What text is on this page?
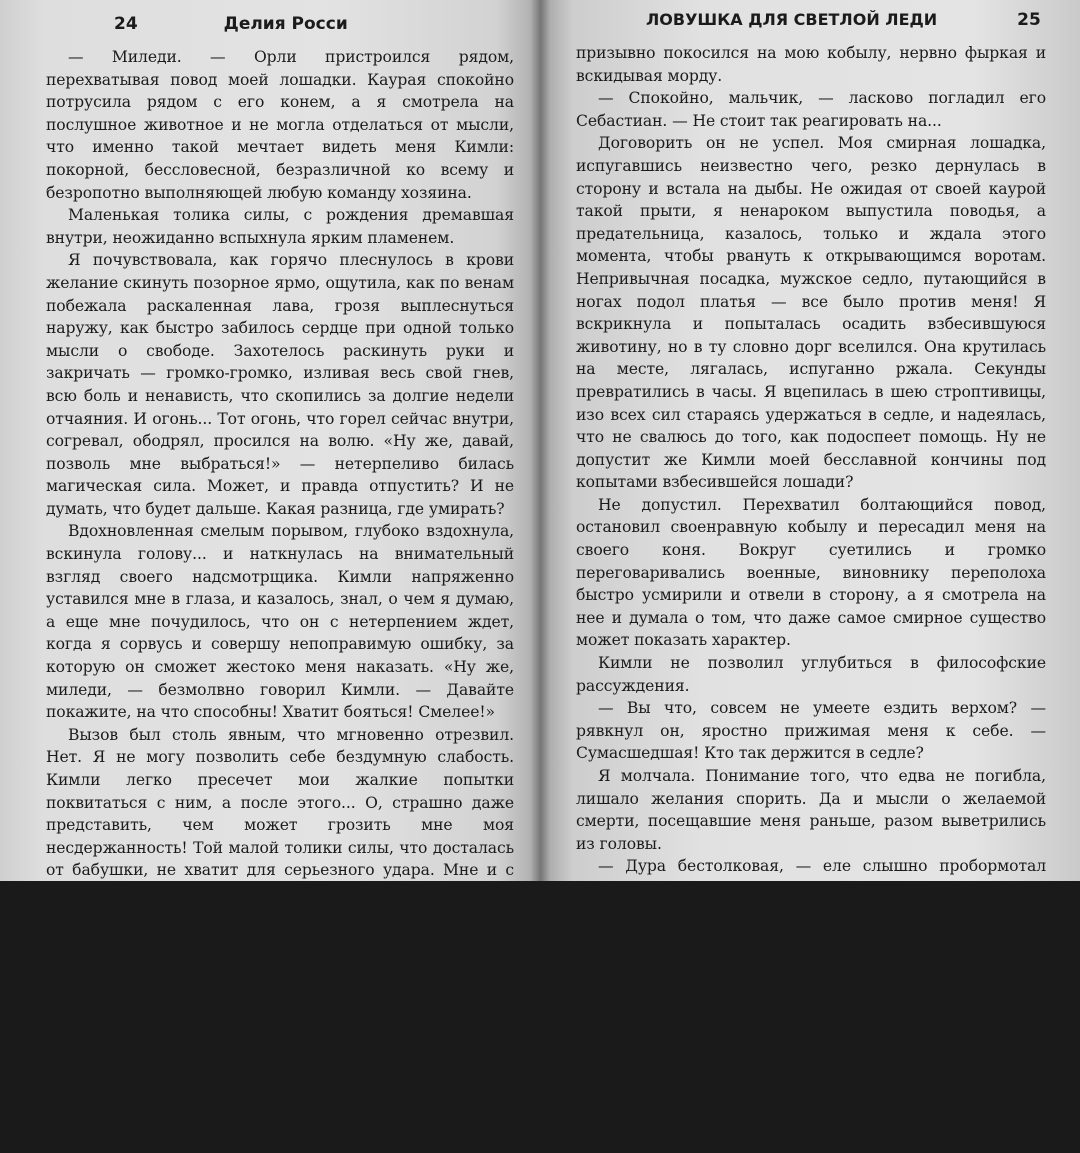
24	Делия Росси

— Миледи. — Орли пристроился рядом, перехватывая повод моей лошадки. Каурая спокойно потрусила рядом с его конем, а я смотрела на послушное животное и не могла отделаться от мысли, что именно такой мечтает видеть меня Кимли: покорной, бессловесной, безразличной ко всему и безропотно выполняющей любую команду хозяина.

Маленькая толика силы, с рождения дремавшая внутри, неожиданно вспыхнула ярким пламенем.

Я почувствовала, как горячо плеснулось в крови желание скинуть позорное ярмо, ощутила, как по венам побежала раскаленная лава, грозя выплеснуться наружу, как быстро забилось сердце при одной только мысли о свободе. Захотелось раскинуть руки и закричать — громко-громко, изливая весь свой гнев, всю боль и ненависть, что скопились за долгие недели отчаяния. И огонь... Тот огонь, что горел сейчас внутри, согревал, ободрял, просился на волю. «Ну же, давай, позволь мне выбраться!» — нетерпеливо билась магическая сила. Может, и правда отпустить? И не думать, что будет дальше. Какая разница, где умирать?

Вдохновленная смелым порывом, глубоко вздохнула, вскинула голову... и наткнулась на внимательный взгляд своего надсмотрщика. Кимли напряженно уставился мне в глаза, и казалось, знал, о чем я думаю, а еще мне почудилось, что он с нетерпением ждет, когда я сорвусь и совершу непоправимую ошибку, за которую он сможет жестоко меня наказать. «Ну же, миледи, — безмолвно говорил Кимли. — Давайте покажите, на что способны! Хватит бояться! Смелее!»

Вызов был столь явным, что мгновенно отрезвил. Нет. Я не могу позволить себе бездумную слабость. Кимли легко пресечет мои жалкие попытки поквитаться с ним, а после этого... О, страшно даже представить, чем может грозить мне моя несдержанность! Той малой толики силы, что досталась от бабушки, не хватит для серьезного удара. Мне и с обычным-то магом не справиться, не то что с Истинным.

Огромным усилием воли я сумела побороть гнев и отвела взгляд от горящих предвкушением глаз мужчины. Нет. Он не дождется от меня подобной глупости. Здравый ум и упрямый характер, наследство все той же бабушки, леди Агаты Кервуд, урожденной баронессы Клостер, не давали мне совершить подобное безрассудство.

— Держитесь рядом, — хмуро приказал Кимли, нарушая ход моих мыслей. Он подъехал совсем близко, и его сертамец

ЛОВУШКА ДЛЯ СВЕТЛОЙ ЛЕДИ	25

призывно покосился на мою кобылу, нервно фыркая и вскидывая морду.

— Спокойно, мальчик, — ласково погладил его Себастиан. — Не стоит так реагировать на...

Договорить он не успел. Моя смирная лошадка, испугавшись неизвестно чего, резко дернулась в сторону и встала на дыбы. Не ожидая от своей каурой такой прыти, я ненароком выпустила поводья, а предательница, казалось, только и ждала этого момента, чтобы рвануть к открывающимся воротам. Непривычная посадка, мужское седло, путающийся в ногах подол платья — все было против меня! Я вскрикнула и попыталась осадить взбесившуюся животину, но в ту словно дорг вселился. Она крутилась на месте, лягалась, испуганно ржала. Секунды превратились в часы. Я вцепилась в шею строптивицы, изо всех сил стараясь удержаться в седле, и надеялась, что не свалюсь до того, как подоспеет помощь. Ну не допустит же Кимли моей бесславной кончины под копытами взбесившейся лошади?

Не допустил. Перехватил болтающийся повод, остановил своенравную кобылу и пересадил меня на своего коня. Вокруг суетились и громко переговаривались военные, виновнику переполоха быстро усмирили и отвели в сторону, а я смотрела на нее и думала о том, что даже самое смирное существо может показать характер.

Кимли не позволил углубиться в философские рассуждения.

— Вы что, совсем не умеете ездить верхом? — рявкнул он, яростно прижимая меня к себе. — Сумасшедшая! Кто так держится в седле?

Я молчала. Понимание того, что едва не погибла, лишало желания спорить. Да и мысли о желаемой смерти, посещавшие меня раньше, разом выветрились из головы.

— Дура бестолковая, — еле слышно пробормотал надзиратель, касаясь на мгновение моих волос губами. — Ты хоть раз ездила на лошади по-мужски?

Я неопределенно пожала плечами — признаваться в собственной отсталости не хотелось.

— Сидите спокойно, — пробурчал у меня над ухом Кимли. — Хватит ерзать.

Я попыталась отодвинуться, но Кимли недовольно хмыкнул и прижал меня крепче.

— Еще одно движение, и вы лишитесь невинности прямо на глазах у наших сопровождающих, — напряженно произнес Себастиан, наклонившись еще ближе.
